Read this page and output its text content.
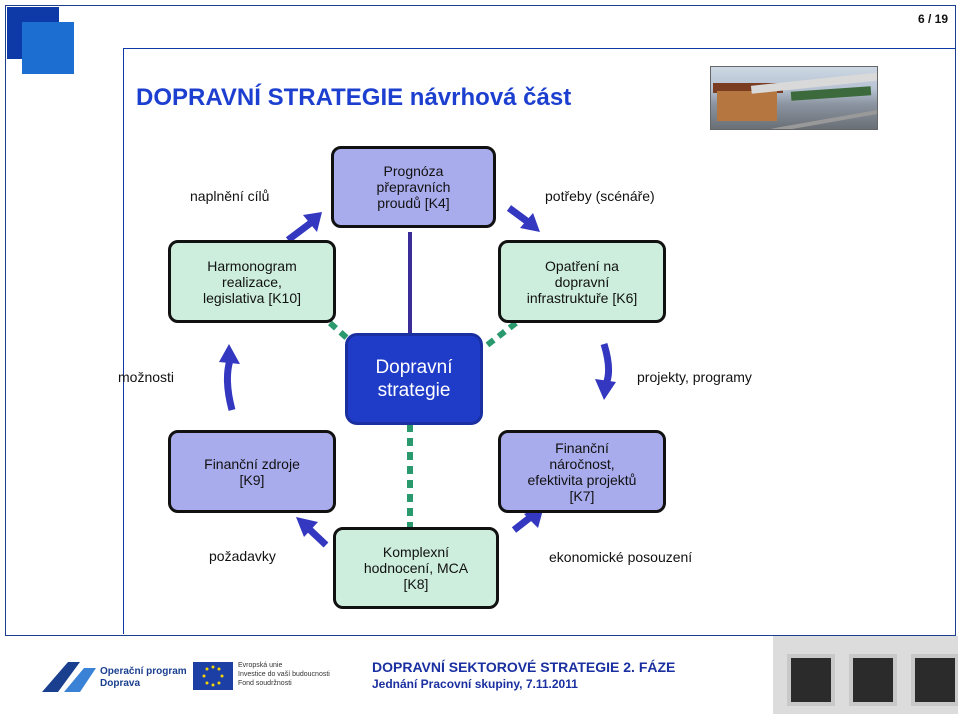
6 / 19
DOPRAVNÍ STRATEGIE návrhová část
Prognóza
přepravních
proudů [K4]
Harmonogram
realizace,
legislativa [K10]
Opatření na
dopravní
infrastruktuře [K6]
Dopravní
strategie
Finanční zdroje
[K9]
Finanční
náročnost,
efektivita projektů
[K7]
Komplexní
hodnocení, MCA
[K8]
naplnění cílů	potřeby (scénáře)
možnosti	projekty, programy
požadavky	ekonomické posouzení
Operační program
Doprava
Evropská unie
Investice do vaší budoucnosti
Fond soudržnosti
DOPRAVNÍ SEKTOROVÉ STRATEGIE 2. FÁZE
Jednání Pracovní skupiny, 7.11.2011
